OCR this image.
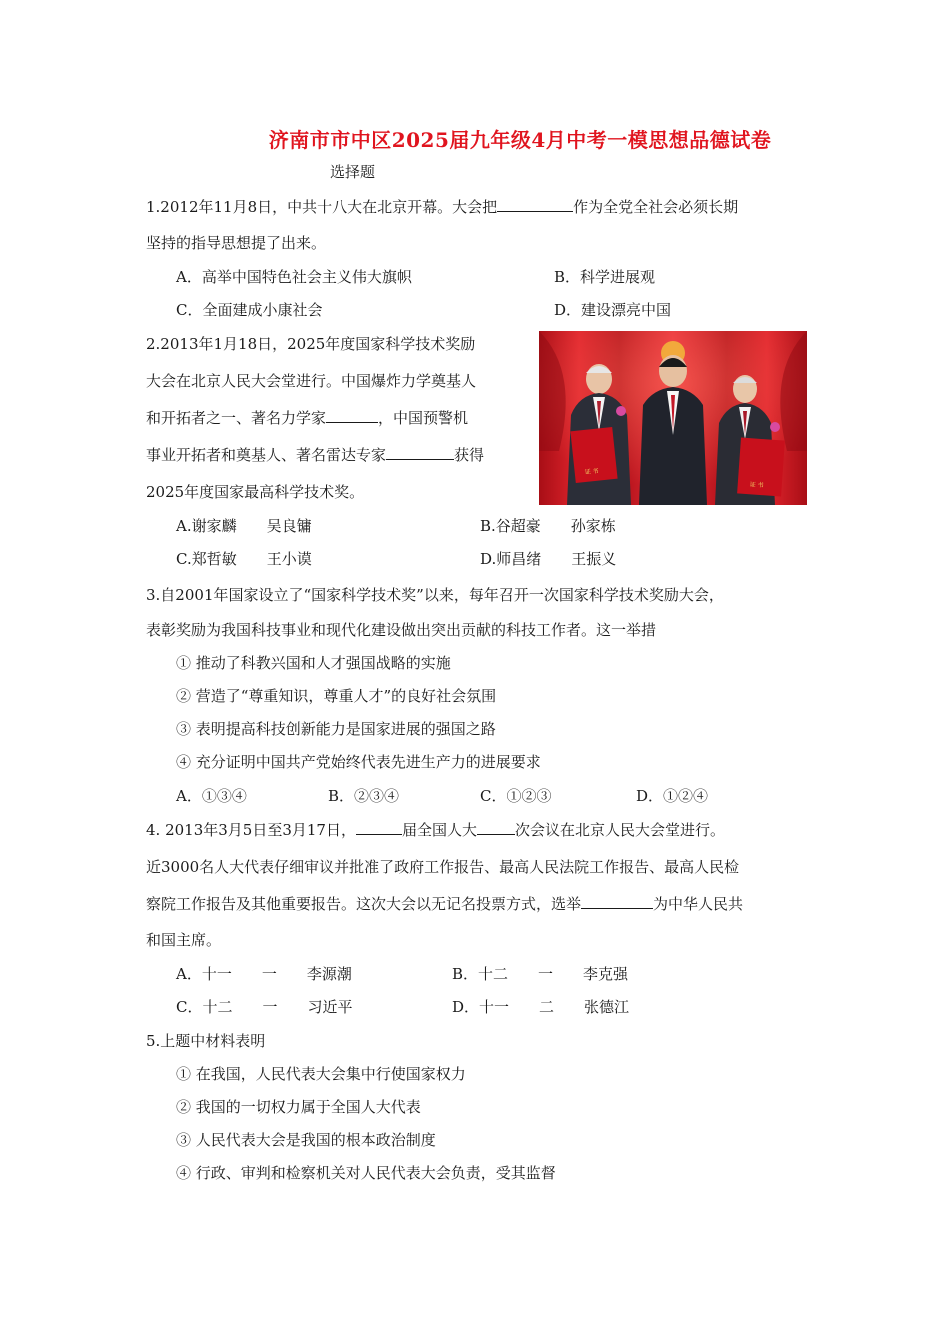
济南市市中区2025届九年级4月中考一模思想品德试卷
选择题
1.2012年11月8日，中共十八大在北京开幕。大会把	作为全党全社会必须长期
坚持的指导思想提了出来。
A．高举中国特色社会主义伟大旗帜	B．科学进展观
C．全面建成小康社会	D．建设漂亮中国
2.2013年1月18日，2025年度国家科学技术奖励
大会在北京人民大会堂进行。中国爆炸力学奠基人
和开拓者之一、著名力学家	，中国预警机
事业开拓者和奠基人、著名雷达专家	获得
2025年度国家最高科学技术奖。
证 书
证 书
A.谢家麟　　吴良镛	B.谷超豪　　孙家栋
C.郑哲敏　　王小谟	D.师昌绪　　王振义
3.自2001年国家设立了“国家科学技术奖”以来，每年召开一次国家科学技术奖励大会，
表彰奖励为我国科技事业和现代化建设做出突出贡献的科技工作者。这一举措
① 推动了科教兴国和人才强国战略的实施
② 营造了“尊重知识，尊重人才”的良好社会氛围
③ 表明提高科技创新能力是国家进展的强国之路
④ 充分证明中国共产党始终代表先进生产力的进展要求
A．①③④	B．②③④	C．①②③	D．①②④
4. 2013年3月5日至3月17日，	届全国人大	次会议在北京人民大会堂进行。
近3000名人大代表仔细审议并批准了政府工作报告、最高人民法院工作报告、最高人民检
察院工作报告及其他重要报告。这次大会以无记名投票方式，选举	为中华人民共
和国主席。
A．十一　　一　　李源潮	B．十二　　一　　李克强
C．十二　　一　　习近平	D．十一　　二　　张德江
5.上题中材料表明
① 在我国，人民代表大会集中行使国家权力
② 我国的一切权力属于全国人大代表
③ 人民代表大会是我国的根本政治制度
④ 行政、审判和检察机关对人民代表大会负责，受其监督
